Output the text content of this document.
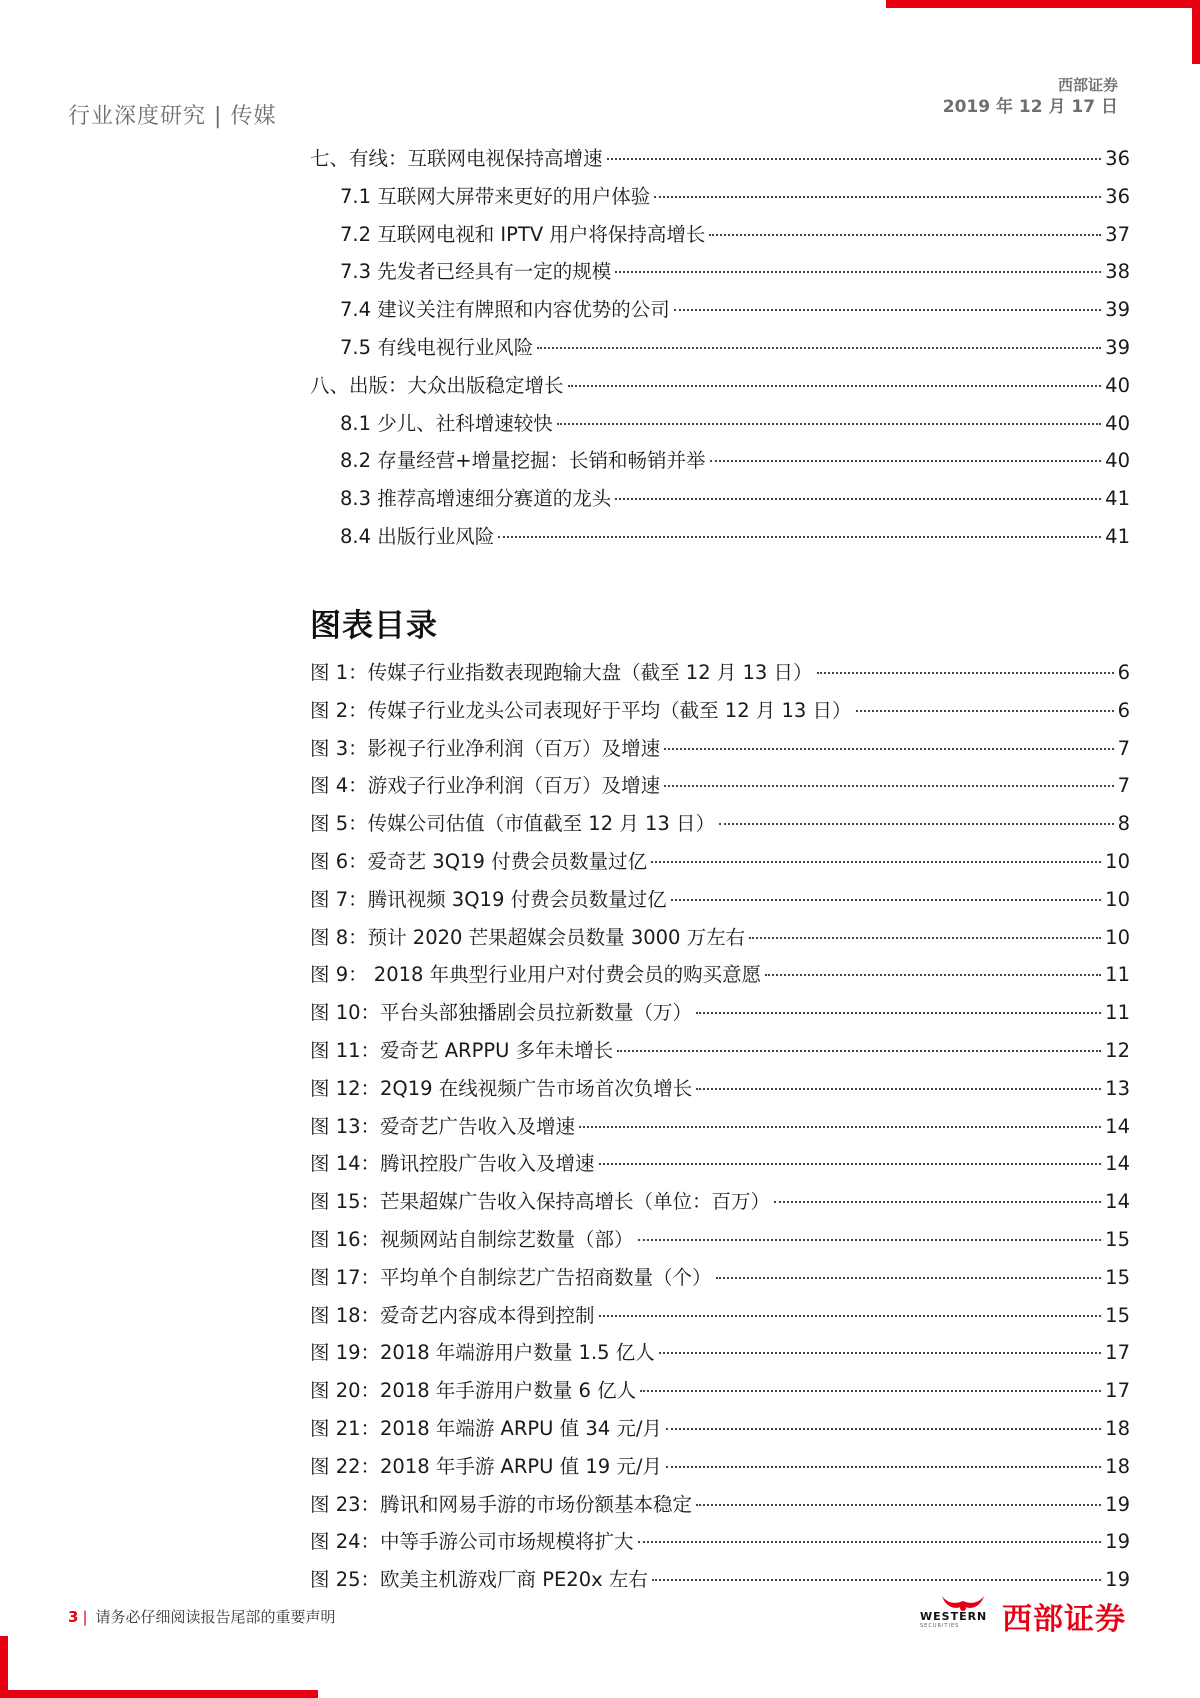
行业深度研究 | 传媒
西部证券
2019 年 12 月 17 日
七、有线：互联网电视保持高增速	36
7.1 互联网大屏带来更好的用户体验	36
7.2 互联网电视和 IPTV 用户将保持高增长	37
7.3 先发者已经具有一定的规模	38
7.4 建议关注有牌照和内容优势的公司	39
7.5 有线电视行业风险	39
八、出版：大众出版稳定增长	40
8.1 少儿、社科增速较快	40
8.2 存量经营+增量挖掘：长销和畅销并举	40
8.3 推荐高增速细分赛道的龙头	41
8.4 出版行业风险	41
图表目录
图 1：传媒子行业指数表现跑输大盘（截至 12 月 13 日）	6
图 2：传媒子行业龙头公司表现好于平均（截至 12 月 13 日）	6
图 3：影视子行业净利润（百万）及增速	7
图 4：游戏子行业净利润（百万）及增速	7
图 5：传媒公司估值（市值截至 12 月 13 日）	8
图 6：爱奇艺 3Q19 付费会员数量过亿	10
图 7：腾讯视频 3Q19 付费会员数量过亿	10
图 8：预计 2020 芒果超媒会员数量 3000 万左右	10
图 9： 2018 年典型行业用户对付费会员的购买意愿	11
图 10：平台头部独播剧会员拉新数量（万）	11
图 11：爱奇艺 ARPPU 多年未增长	12
图 12：2Q19 在线视频广告市场首次负增长	13
图 13：爱奇艺广告收入及增速	14
图 14：腾讯控股广告收入及增速	14
图 15：芒果超媒广告收入保持高增长（单位：百万）	14
图 16：视频网站自制综艺数量（部）	15
图 17：平均单个自制综艺广告招商数量（个）	15
图 18：爱奇艺内容成本得到控制	15
图 19：2018 年端游用户数量 1.5 亿人	17
图 20：2018 年手游用户数量 6 亿人	17
图 21：2018 年端游 ARPU 值 34 元/月	18
图 22：2018 年手游 ARPU 值 19 元/月	18
图 23：腾讯和网易手游的市场份额基本稳定	19
图 24：中等手游公司市场规模将扩大	19
图 25：欧美主机游戏厂商 PE20x 左右	19
3 | 请务必仔细阅读报告尾部的重要声明	WESTERN
SECURITIES 西部证券
